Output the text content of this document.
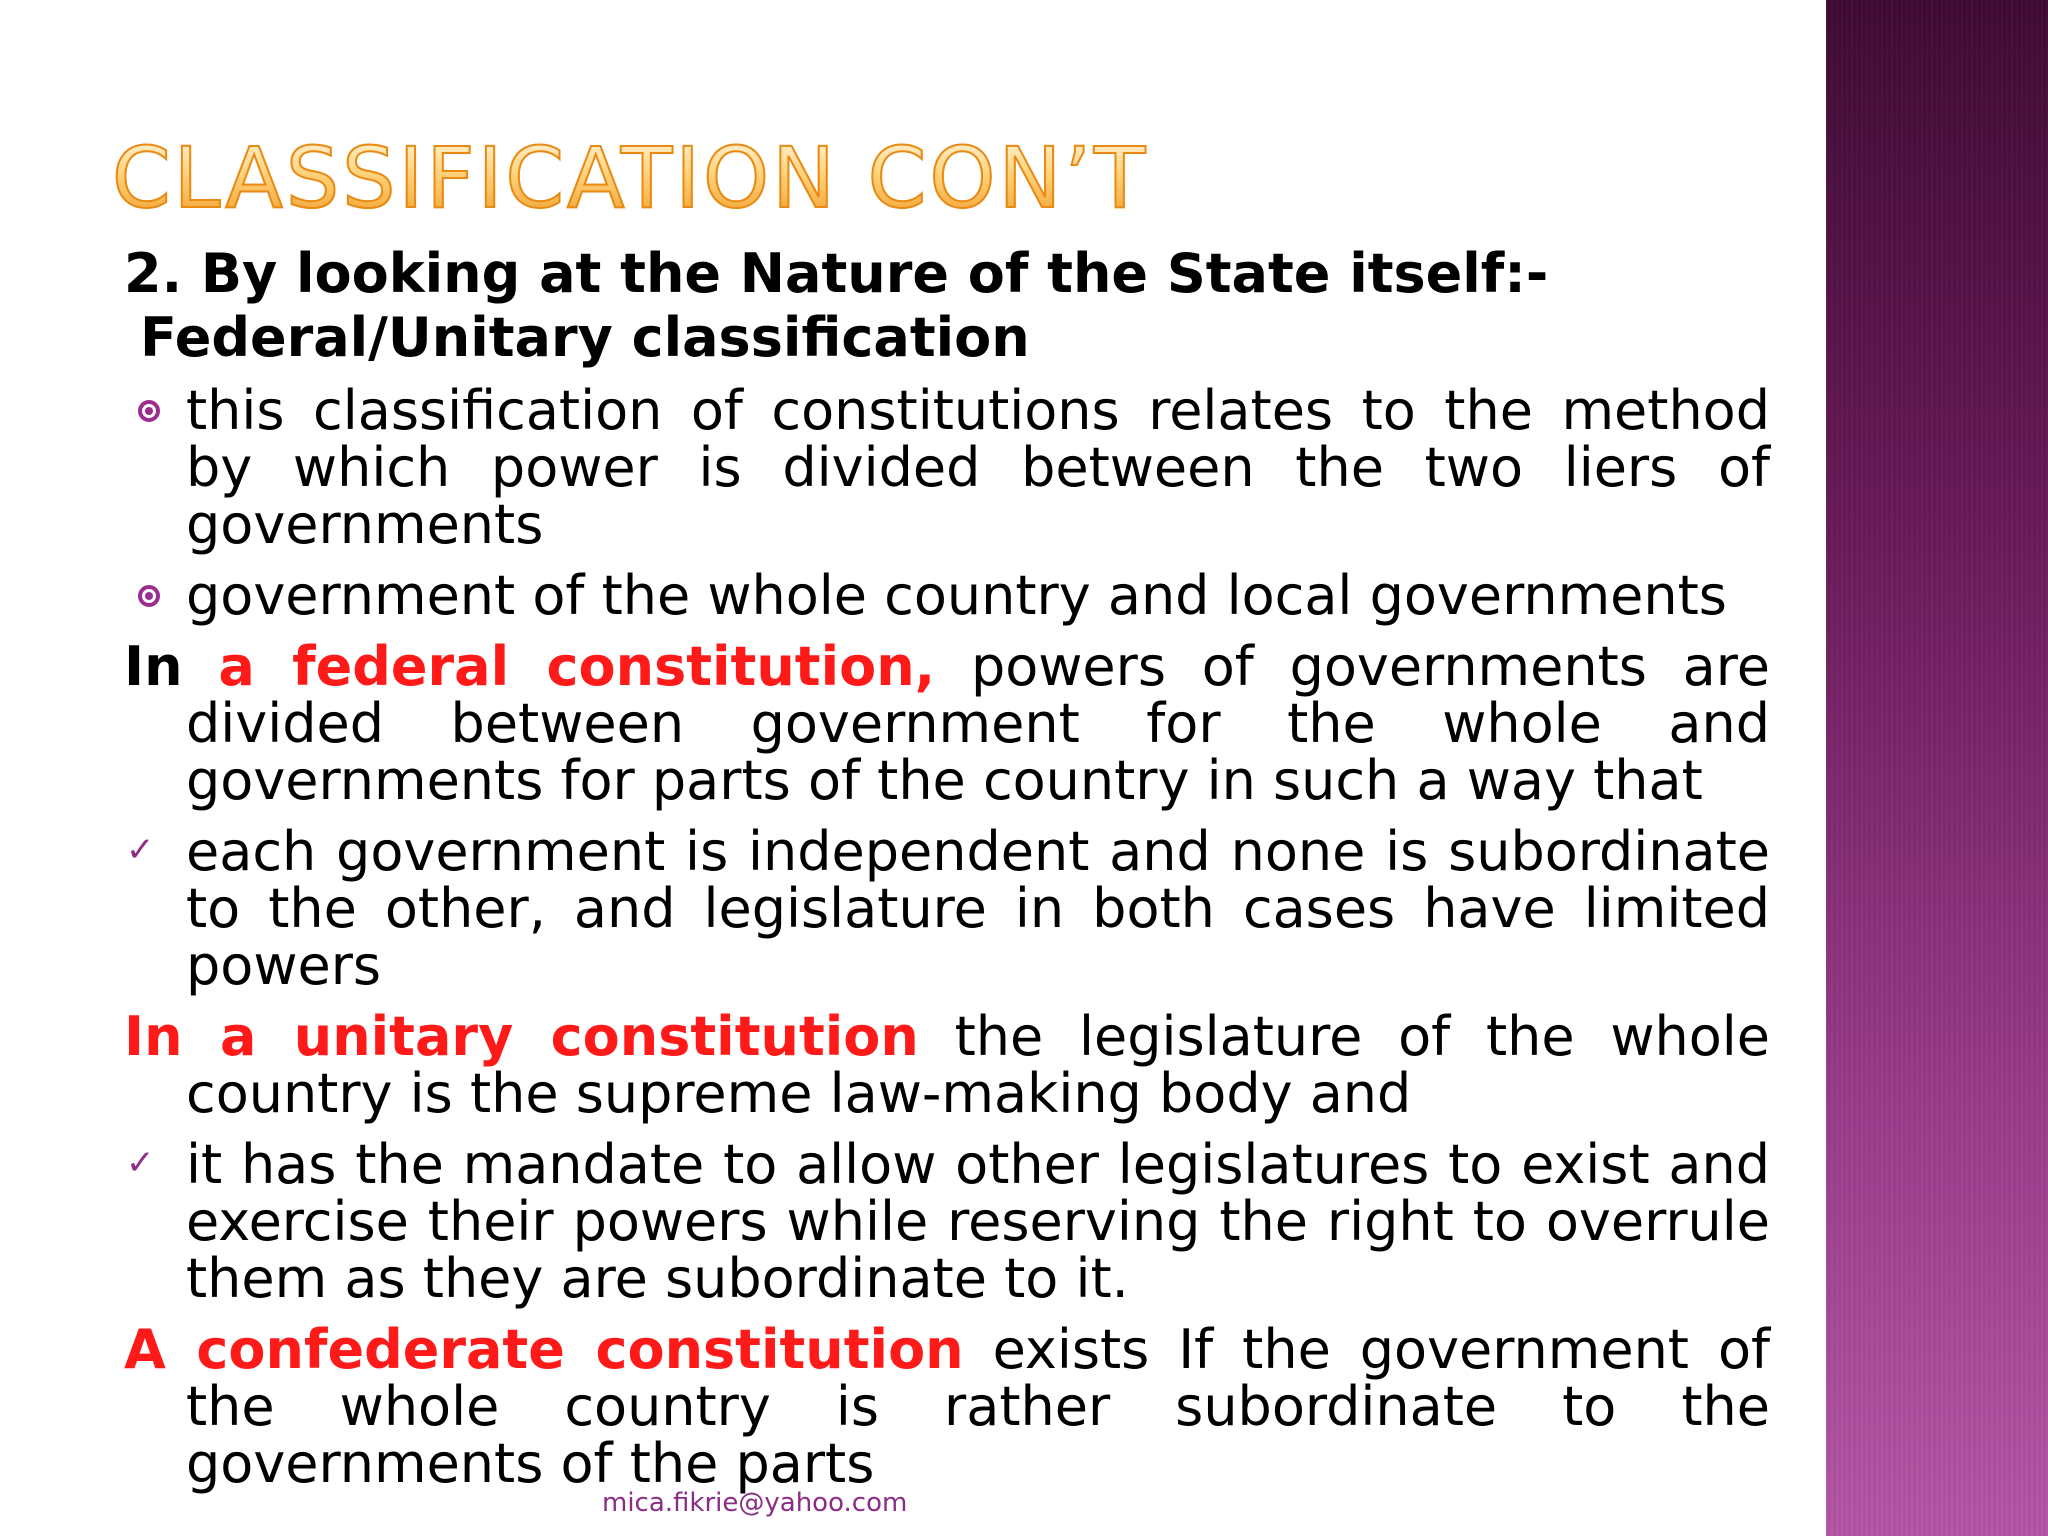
CLASSIFICATION CON’T

2. By looking at the Nature of the State itself:-

Federal/Unitary classification

this classification of constitutions relates to the method by which power is divided between the two liers of governments
government of the whole country and local governments
In a federal constitution, powers of governments are divided between government for the whole and governments for parts of the country in such a way that
✓ each government is independent and none is subordinate to the other, and legislature in both cases have limited powers
In a unitary constitution the legislature of the whole country is the supreme law-making body and
✓ it has the mandate to allow other legislatures to exist and exercise their powers while reserving the right to overrule them as they are subordinate to it.
A confederate constitution exists If the government of the whole country is rather subordinate to the governments of the parts
mica.fikrie@yahoo.com
